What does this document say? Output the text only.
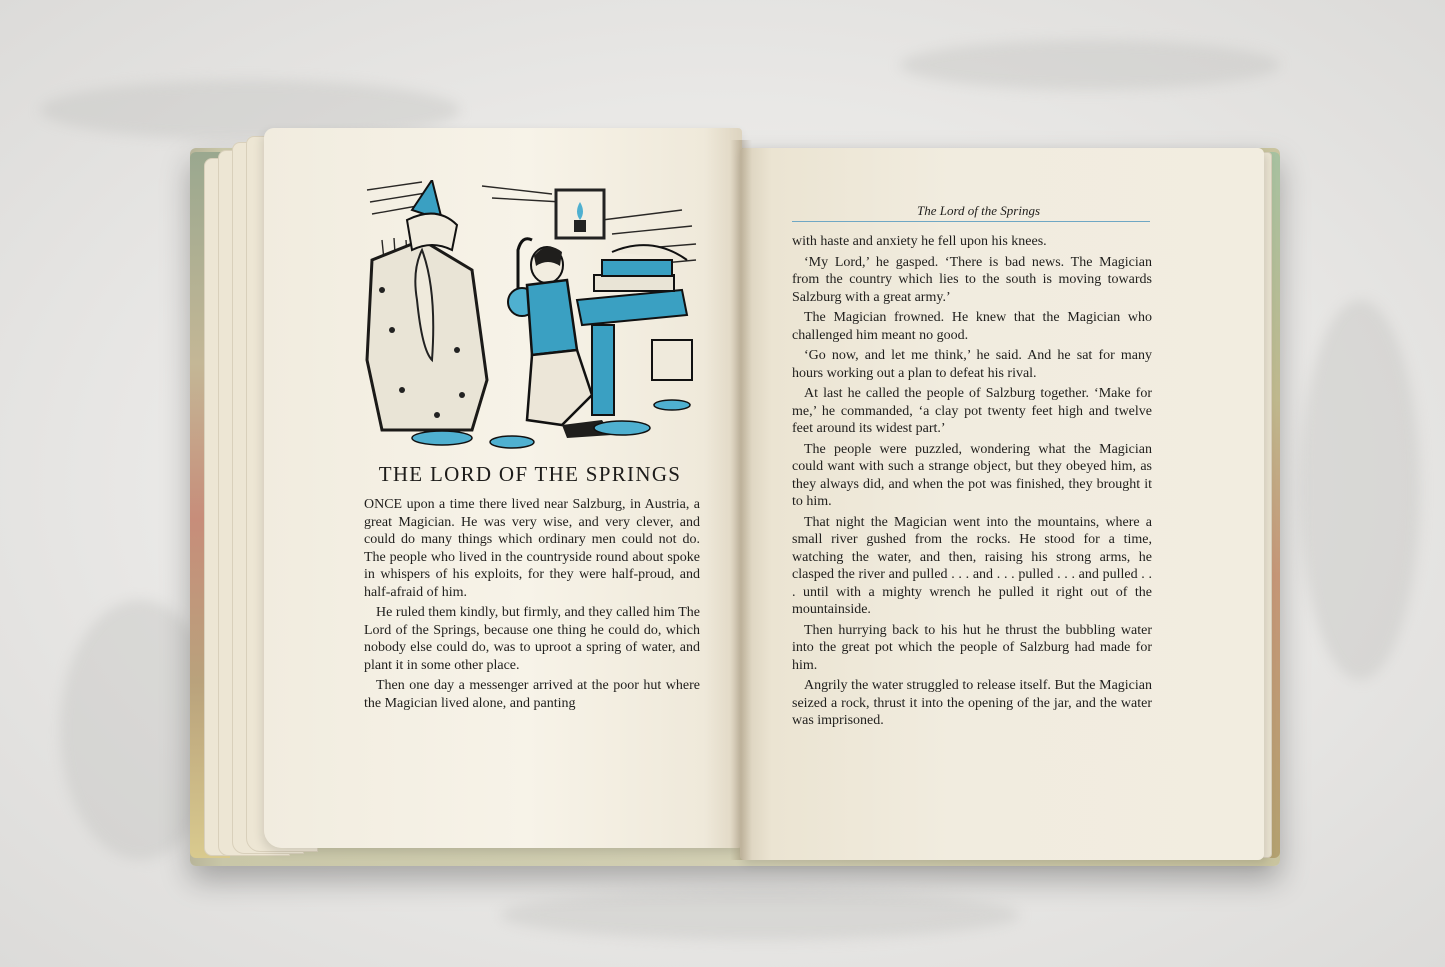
THE LORD OF THE SPRINGS

ONCE upon a time there lived near Salzburg, in Austria, a great Magician. He was very wise, and very clever, and could do many things which ordinary men could not do. The people who lived in the countryside round about spoke in whispers of his exploits, for they were half-proud, and half-afraid of him.

He ruled them kindly, but firmly, and they called him The Lord of the Springs, because one thing he could do, which nobody else could do, was to uproot a spring of water, and plant it in some other place.

Then one day a messenger arrived at the poor hut where the Magician lived alone, and panting

The Lord of the Springs

with haste and anxiety he fell upon his knees.

‘My Lord,’ he gasped. ‘There is bad news. The Magician from the country which lies to the south is moving towards Salzburg with a great army.’

The Magician frowned. He knew that the Magician who challenged him meant no good.

‘Go now, and let me think,’ he said. And he sat for many hours working out a plan to defeat his rival.

At last he called the people of Salzburg together. ‘Make for me,’ he commanded, ‘a clay pot twenty feet high and twelve feet around its widest part.’

The people were puzzled, wondering what the Magician could want with such a strange object, but they obeyed him, as they always did, and when the pot was finished, they brought it to him.

That night the Magician went into the mountains, where a small river gushed from the rocks. He stood for a time, watching the water, and then, raising his strong arms, he clasped the river and pulled . . . and . . . pulled . . . and pulled . . . until with a mighty wrench he pulled it right out of the mountainside.

Then hurrying back to his hut he thrust the bubbling water into the great pot which the people of Salzburg had made for him.

Angrily the water struggled to release itself. But the Magician seized a rock, thrust it into the opening of the jar, and the water was imprisoned.
